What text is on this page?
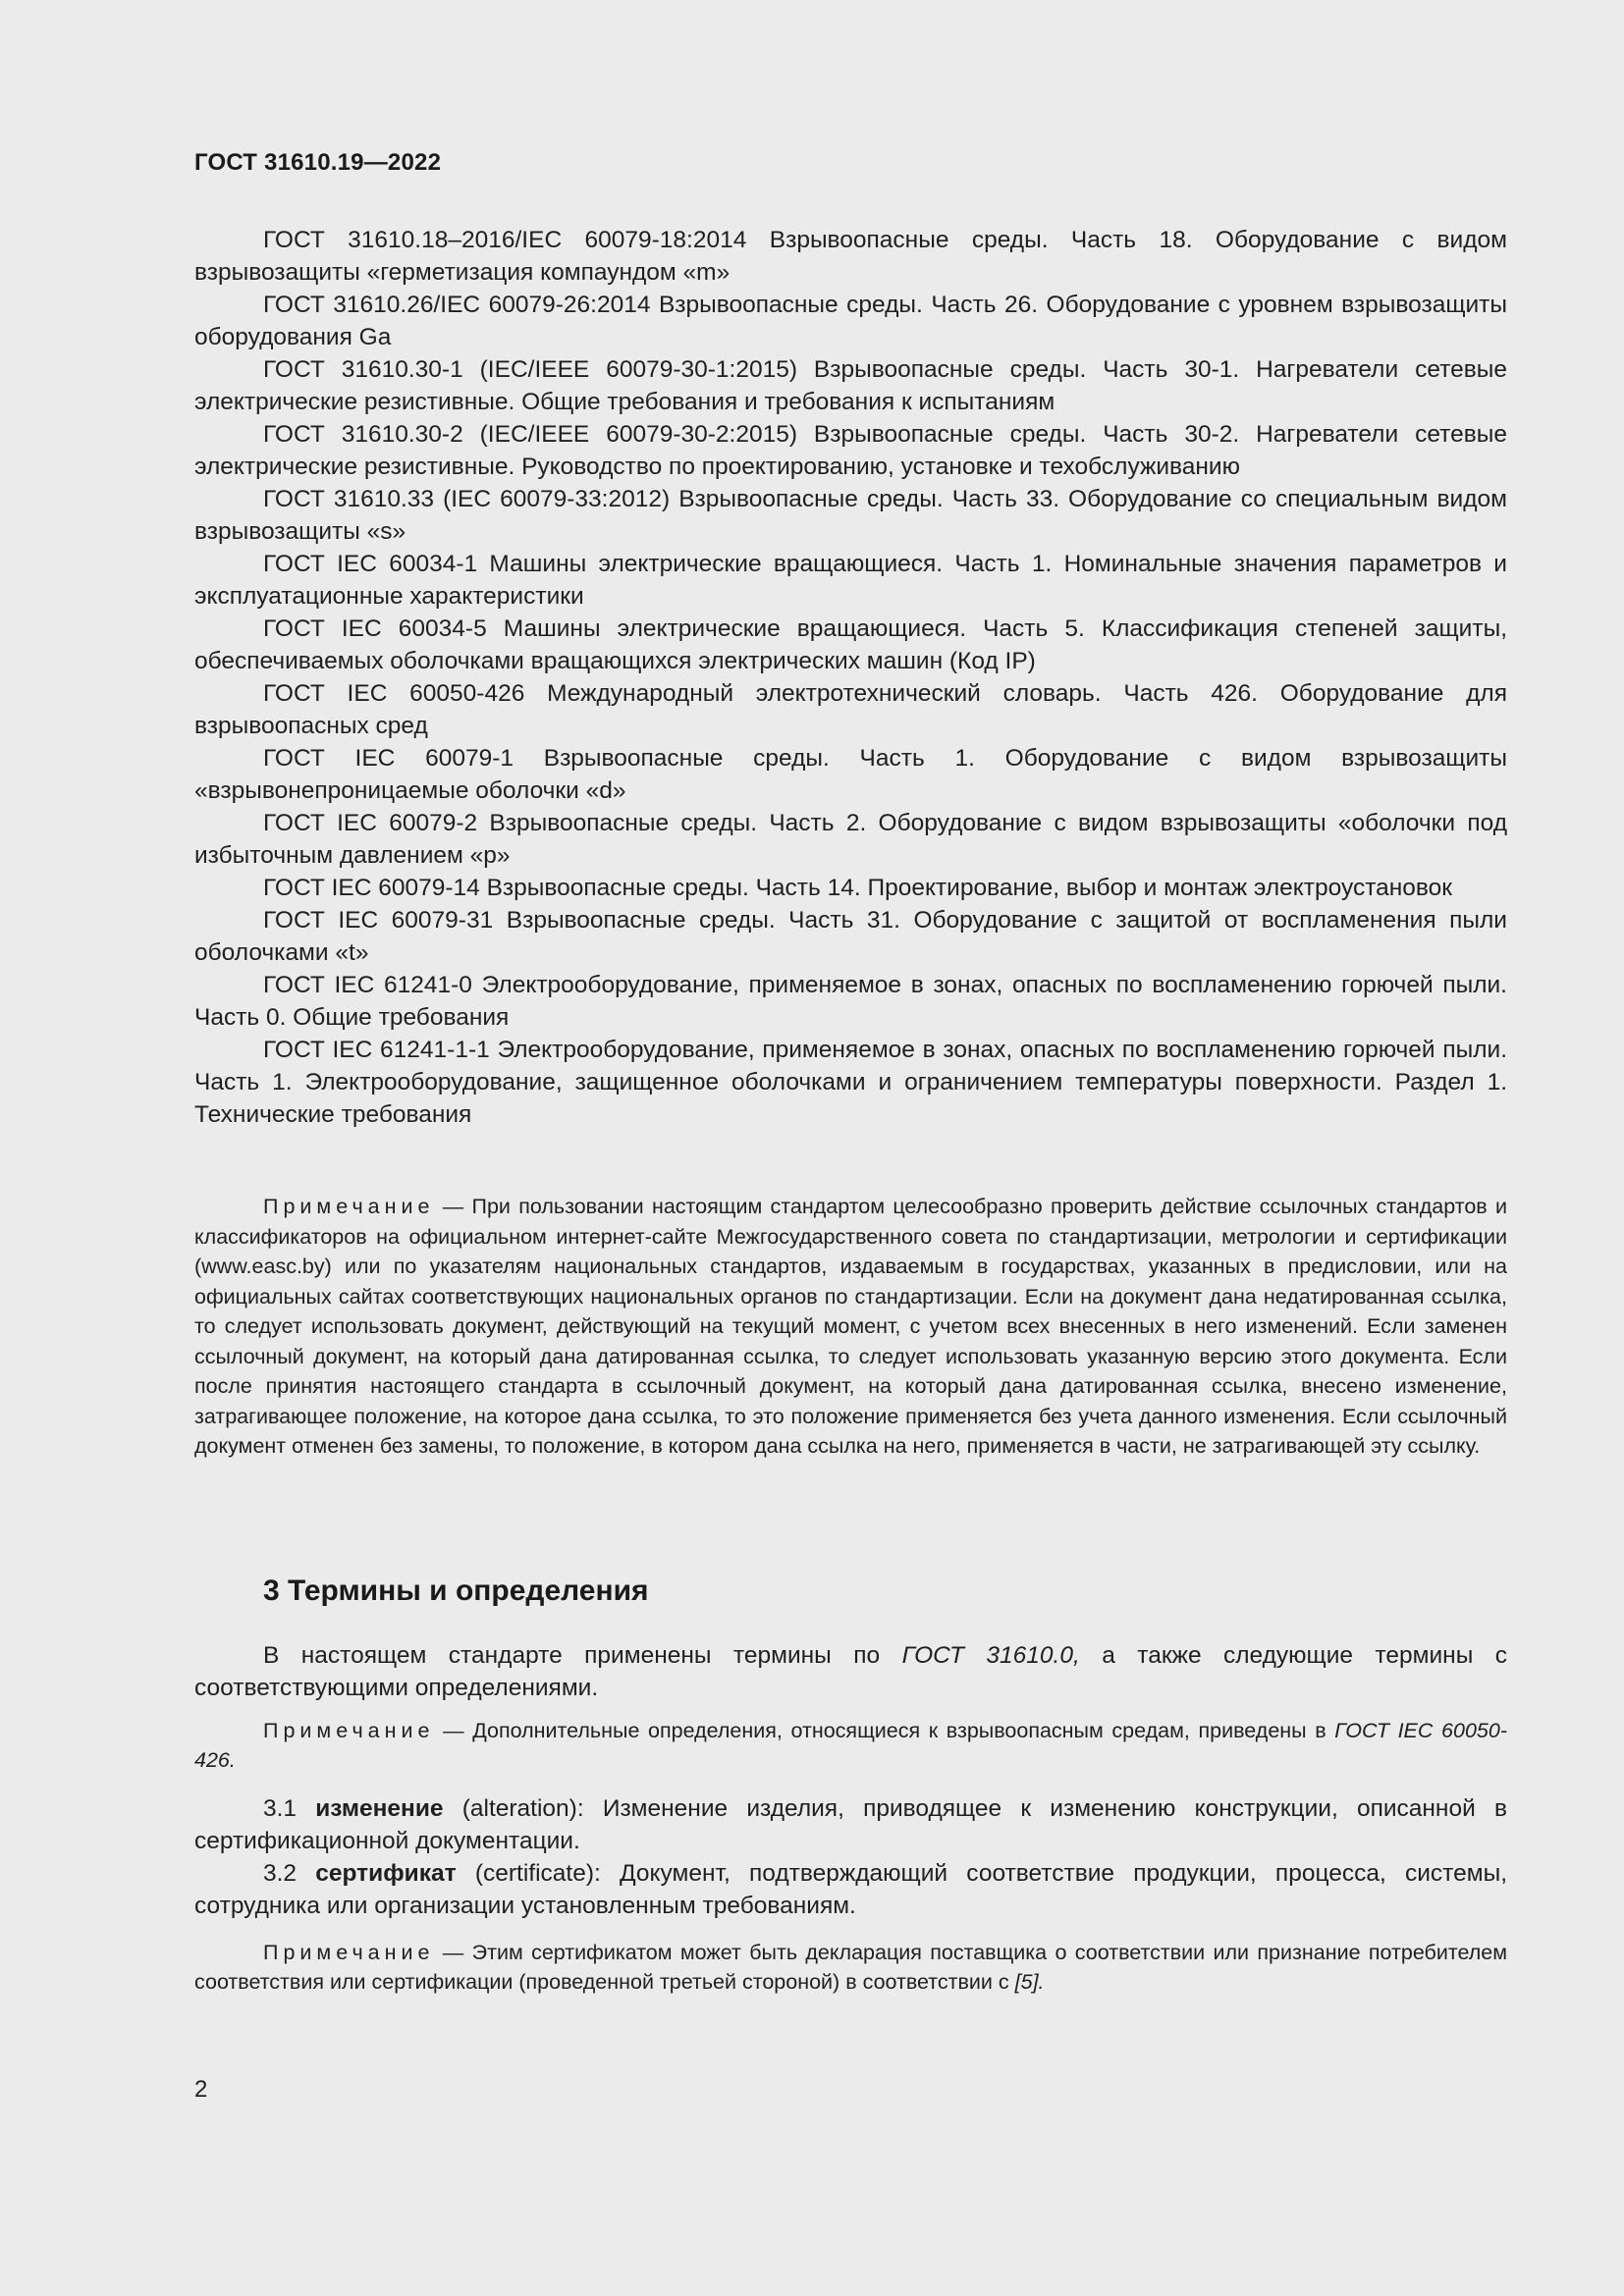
ГОСТ 31610.19—2022

ГОСТ 31610.18–2016/IEC 60079-18:2014 Взрывоопасные среды. Часть 18. Оборудование с видом взрывозащиты «герметизация компаундом «m»

ГОСТ 31610.26/IEC 60079-26:2014 Взрывоопасные среды. Часть 26. Оборудование с уровнем взрывозащиты оборудования Ga

ГОСТ 31610.30-1 (IEC/IEEE 60079-30-1:2015) Взрывоопасные среды. Часть 30-1. Нагреватели сетевые электрические резистивные. Общие требования и требования к испытаниям

ГОСТ 31610.30-2 (IEC/IEEE 60079-30-2:2015) Взрывоопасные среды. Часть 30-2. Нагреватели сетевые электрические резистивные. Руководство по проектированию, установке и техобслуживанию

ГОСТ 31610.33 (IEC 60079-33:2012) Взрывоопасные среды. Часть 33. Оборудование со специальным видом взрывозащиты «s»

ГОСТ IEC 60034-1 Машины электрические вращающиеся. Часть 1. Номинальные значения параметров и эксплуатационные характеристики

ГОСТ IEC 60034-5 Машины электрические вращающиеся. Часть 5. Классификация степеней защиты, обеспечиваемых оболочками вращающихся электрических машин (Код IP)

ГОСТ IEC 60050-426 Международный электротехнический словарь. Часть 426. Оборудование для взрывоопасных сред

ГОСТ IEC 60079-1 Взрывоопасные среды. Часть 1. Оборудование с видом взрывозащиты «взрывонепроницаемые оболочки «d»

ГОСТ IEC 60079-2 Взрывоопасные среды. Часть 2. Оборудование с видом взрывозащиты «оболочки под избыточным давлением «p»

ГОСТ IEC 60079-14 Взрывоопасные среды. Часть 14. Проектирование, выбор и монтаж электроустановок

ГОСТ IEC 60079-31 Взрывоопасные среды. Часть 31. Оборудование с защитой от воспламенения пыли оболочками «t»

ГОСТ IEC 61241-0 Электрооборудование, применяемое в зонах, опасных по воспламенению горючей пыли. Часть 0. Общие требования

ГОСТ IEC 61241-1-1 Электрооборудование, применяемое в зонах, опасных по воспламенению горючей пыли. Часть 1. Электрооборудование, защищенное оболочками и ограничением температуры поверхности. Раздел 1. Технические требования

Примечание — При пользовании настоящим стандартом целесообразно проверить действие ссылочных стандартов и классификаторов на официальном интернет-сайте Межгосударственного совета по стандартизации, метрологии и сертификации (www.easc.by) или по указателям национальных стандартов, издаваемым в государствах, указанных в предисловии, или на официальных сайтах соответствующих национальных органов по стандартизации. Если на документ дана недатированная ссылка, то следует использовать документ, действующий на текущий момент, с учетом всех внесенных в него изменений. Если заменен ссылочный документ, на который дана датированная ссылка, то следует использовать указанную версию этого документа. Если после принятия настоящего стандарта в ссылочный документ, на который дана датированная ссылка, внесено изменение, затрагивающее положение, на которое дана ссылка, то это положение применяется без учета данного изменения. Если ссылочный документ отменен без замены, то положение, в котором дана ссылка на него, применяется в части, не затрагивающей эту ссылку.

3 Термины и определения

В настоящем стандарте применены термины по ГОСТ 31610.0, а также следующие термины с соответствующими определениями.

Примечание — Дополнительные определения, относящиеся к взрывоопасным средам, приведены в ГОСТ IEC 60050-426.

3.1 изменение (alteration): Изменение изделия, приводящее к изменению конструкции, описанной в сертификационной документации.

3.2 сертификат (certificate): Документ, подтверждающий соответствие продукции, процесса, системы, сотрудника или организации установленным требованиям.

Примечание — Этим сертификатом может быть декларация поставщика о соответствии или признание потребителем соответствия или сертификации (проведенной третьей стороной) в соответствии с [5].

2
